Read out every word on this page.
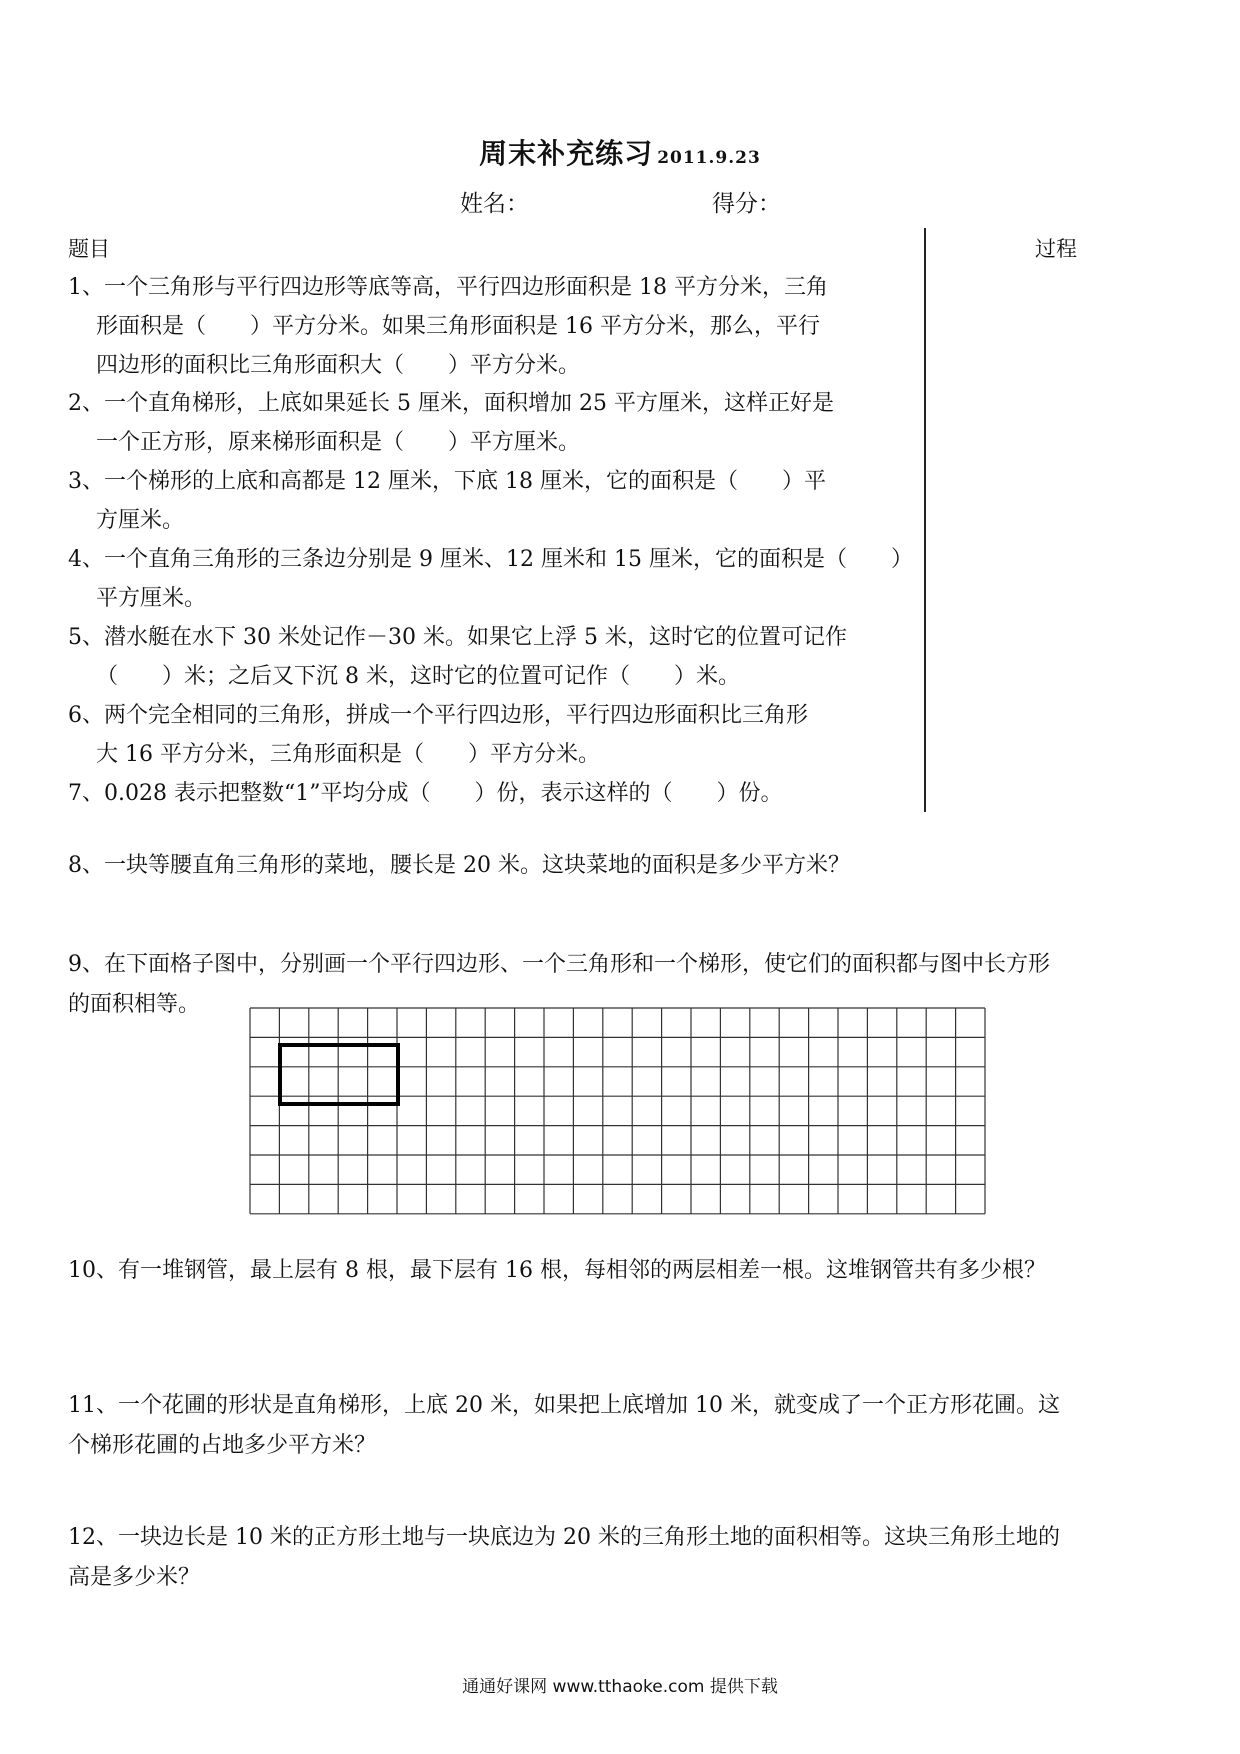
周末补充练习 2011.9.23
姓名：	得分：
题目	过程
1、一个三角形与平行四边形等底等高，平行四边形面积是 18 平方分米，三角
形面积是（　　）平方分米。如果三角形面积是 16 平方分米，那么，平行
四边形的面积比三角形面积大（　　）平方分米。
2、一个直角梯形，上底如果延长 5 厘米，面积增加 25 平方厘米，这样正好是
一个正方形，原来梯形面积是（　　）平方厘米。
3、一个梯形的上底和高都是 12 厘米，下底 18 厘米，它的面积是（　　）平
方厘米。
4、一个直角三角形的三条边分别是 9 厘米、12 厘米和 15 厘米，它的面积是（　　）
平方厘米。
5、潜水艇在水下 30 米处记作－30 米。如果它上浮 5 米，这时它的位置可记作
（　　）米；之后又下沉 8 米，这时它的位置可记作（　　）米。
6、两个完全相同的三角形，拼成一个平行四边形，平行四边形面积比三角形
大 16 平方分米，三角形面积是（　　）平方分米。
7、0.028 表示把整数“1”平均分成（　　）份，表示这样的（　　）份。
8、一块等腰直角三角形的菜地，腰长是 20 米。这块菜地的面积是多少平方米？
9、在下面格子图中，分别画一个平行四边形、一个三角形和一个梯形，使它们的面积都与图中长方形
的面积相等。
10、有一堆钢管，最上层有 8 根，最下层有 16 根，每相邻的两层相差一根。这堆钢管共有多少根？
11、一个花圃的形状是直角梯形，上底 20 米，如果把上底增加 10 米，就变成了一个正方形花圃。这
个梯形花圃的占地多少平方米？
12、一块边长是 10 米的正方形土地与一块底边为 20 米的三角形土地的面积相等。这块三角形土地的
高是多少米？
通通好课网 www.tthaoke.com 提供下载
